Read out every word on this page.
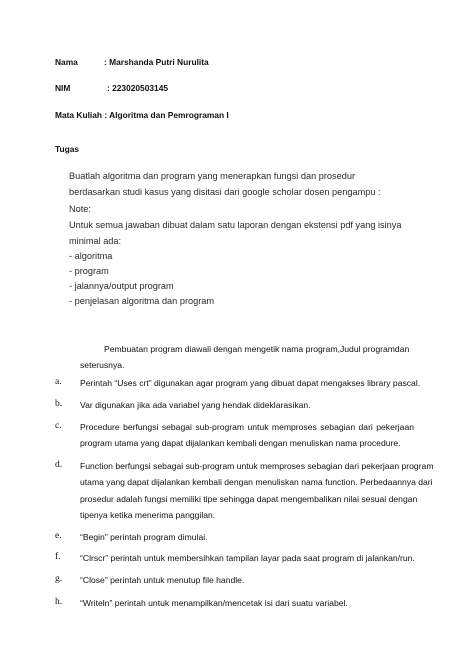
Nama	: Marshanda Putri Nurulita
NIM	: 223020503145
Mata Kuliah : Algoritma dan Pemrograman I
Tugas
Buatlah algoritma dan program yang menerapkan fungsi dan prosedur
berdasarkan studi kasus yang disitasi dari google scholar dosen pengampu :
Note:
Untuk semua jawaban dibuat dalam satu laporan dengan ekstensi pdf yang isinya
minimal ada:
- algoritma
- program
- jalannya/output program
- penjelasan algoritma dan program
Pembuatan program diawali dengan mengetik nama program,Judul programdan
seterusnya.
a. Perintah “Uses crt” digunakan agar program yang dibuat dapat mengakses library pascal.
b. Var digunakan jika ada variabel yang hendak dideklarasikan.
c. Procedure berfungsi sebagai sub-program untuk memproses sebagian dari pekerjaan
program utama yang dapat dijalankan kembali dengan menuliskan nama procedure.
d. Function berfungsi sebagai sub-program untuk memproses sebagian dari pekerjaan program
utama yang dapat dijalankan kembali dengan menuliskan nama function. Perbedaannya dari
prosedur adalah fungsi memiliki tipe sehingga dapat mengembalikan nilai sesuai dengan
tipenya ketika menerima panggilan.
e. “Begin” perintah program dimulai.
f. “Clrscr” perintah untuk membersihkan tampilan layar pada saat program di jalankan/run.
g. “Close” perintah untuk menutup file handle.
h. “Writeln” perintah untuk menampilkan/mencetak isi dari suatu variabel.
